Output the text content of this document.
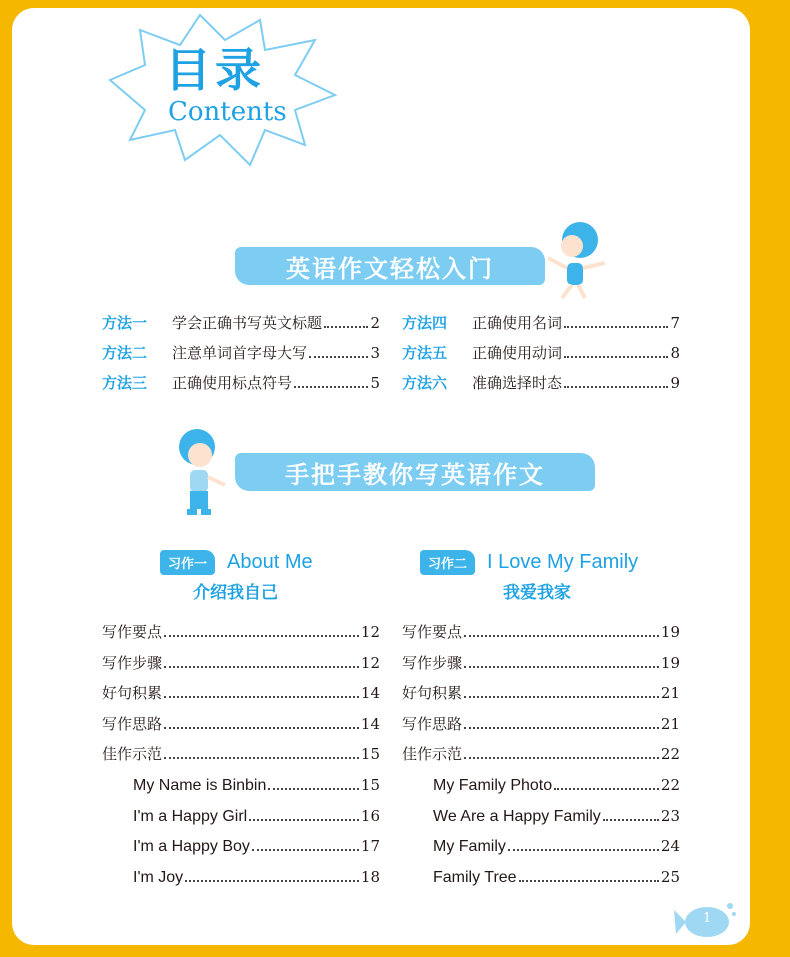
目录
Contents
英语作文轻松入门
方法一	学会正确书写英文标题	2
方法二	注意单词首字母大写	3
方法三	正确使用标点符号	5
方法四	正确使用名词	7
方法五	正确使用动词	8
方法六	准确选择时态	9
手把手教你写英语作文
习作一	About Me
介绍我自己
写作要点	12
写作步骤	12
好句积累	14
写作思路	14
佳作示范	15
My Name is Binbin	15
I'm a Happy Girl	16
I'm a Happy Boy	17
I'm Joy	18
习作二	I Love My Family
我爱我家
写作要点	19
写作步骤	19
好句积累	21
写作思路	21
佳作示范	22
My Family Photo	22
We Are a Happy Family	23
My Family	24
Family Tree	25
1
